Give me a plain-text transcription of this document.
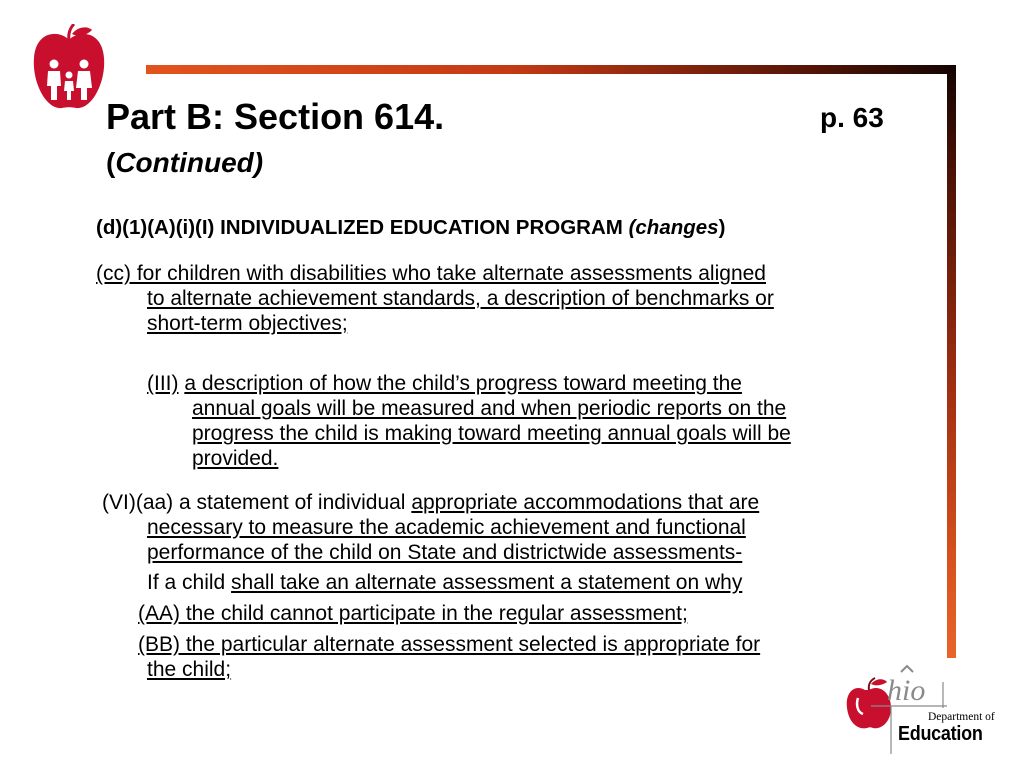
Part B: Section 614.	p. 63
(Continued)
(d)(1)(A)(i)(I) INDIVIDUALIZED EDUCATION PROGRAM (changes)
(cc) for children with disabilities who take alternate assessments aligned
to alternate achievement standards, a description of benchmarks or
short-term objectives;
(III) a description of how the child’s progress toward meeting the
annual goals will be measured and when periodic reports on the
progress the child is making toward meeting annual goals will be
provided.
(VI)(aa) a statement of individual appropriate accommodations that are
necessary to measure the academic achievement and functional
performance of the child on State and districtwide assessments-
If a child shall take an alternate assessment a statement on why
(AA) the child cannot participate in the regular assessment;
(BB) the particular alternate assessment selected is appropriate for
the child;
hio
Department of
Education
